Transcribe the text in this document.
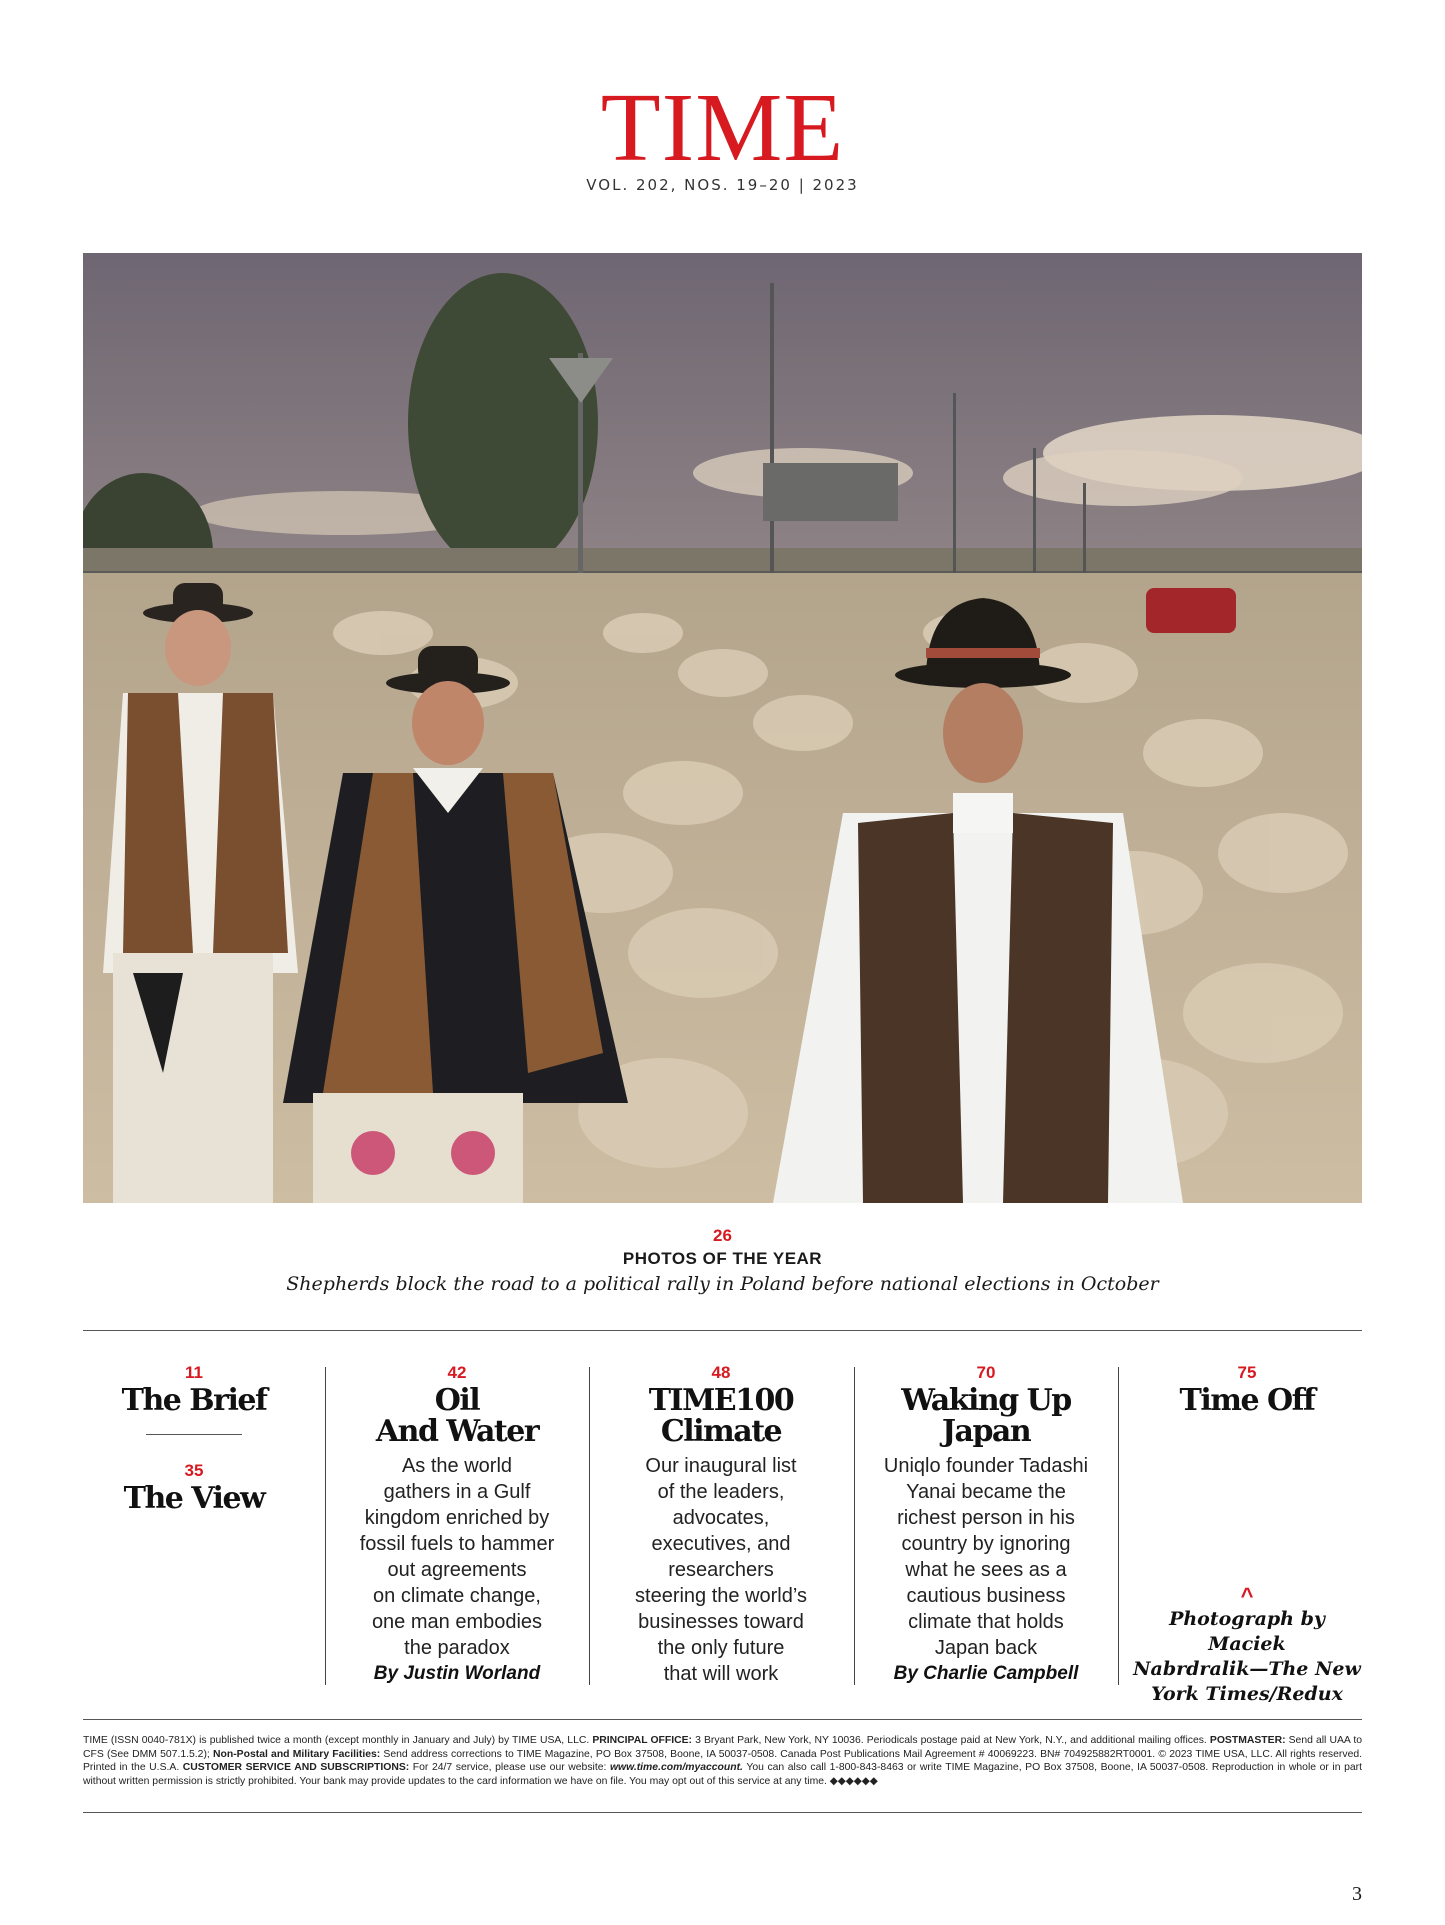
TIME
VOL. 202, NOS. 19–20 | 2023
26
PHOTOS OF THE YEAR
Shepherds block the road to a political rally in Poland before national elections in October
11
The Brief
35
The View
42
Oil
And Water
As the world
gathers in a Gulf
kingdom enriched by
fossil fuels to hammer
out agreements
on climate change,
one man embodies
the paradox
By Justin Worland
48
TIME100
Climate
Our inaugural list
of the leaders,
advocates,
executives, and
researchers
steering the world’s
businesses toward
the only future
that will work
70
Waking Up
Japan
Uniqlo founder Tadashi
Yanai became the
richest person in his
country by ignoring
what he sees as a
cautious business
climate that holds
Japan back
By Charlie Campbell
75
Time Off
^
Photograph by Maciek
Nabrdralik—The New
York Times/Redux
TIME (ISSN 0040-781X) is published twice a month (except monthly in January and July) by TIME USA, LLC. PRINCIPAL OFFICE: 3 Bryant Park, New York, NY 10036. Periodicals postage paid at New York, N.Y., and additional mailing offices. POSTMASTER: Send all UAA to CFS (See DMM 507.1.5.2); Non-Postal and Military Facilities: Send address corrections to TIME Magazine, PO Box 37508, Boone, IA 50037-0508. Canada Post Publications Mail Agreement # 40069223. BN# 704925882RT0001. © 2023 TIME USA, LLC. All rights reserved. Printed in the U.S.A. CUSTOMER SERVICE AND SUBSCRIPTIONS: For 24/7 service, please use our website: www.time.com/myaccount. You can also call 1-800-843-8463 or write TIME Magazine, PO Box 37508, Boone, IA 50037-0508. Reproduction in whole or in part without written permission is strictly prohibited. Your bank may provide updates to the card information we have on file. You may opt out of this service at any time. ◆◆◆◆◆◆
3
